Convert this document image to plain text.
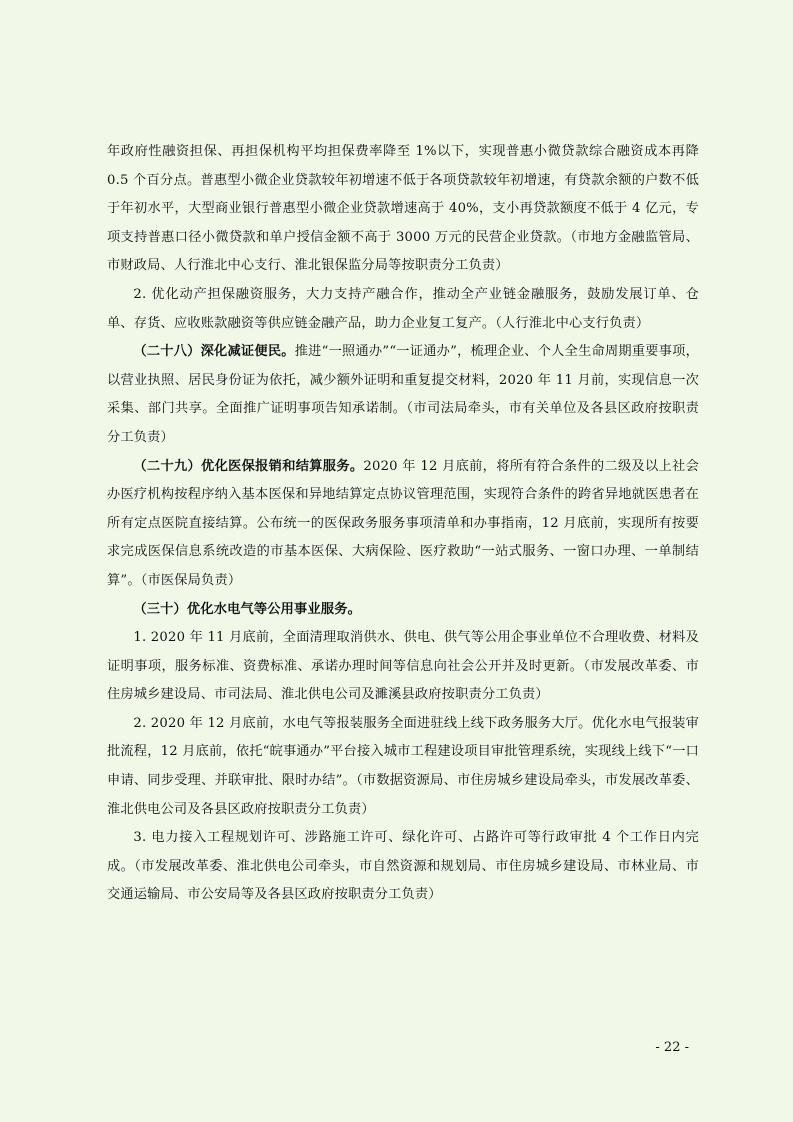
年政府性融资担保、再担保机构平均担保费率降至 1%以下，实现普惠小微贷款综合融资成本再降 0.5 个百分点。普惠型小微企业贷款较年初增速不低于各项贷款较年初增速，有贷款余额的户数不低于年初水平，大型商业银行普惠型小微企业贷款增速高于 40%，支小再贷款额度不低于 4 亿元，专项支持普惠口径小微贷款和单户授信金额不高于 3000 万元的民营企业贷款。（市地方金融监管局、市财政局、人行淮北中心支行、淮北银保监分局等按职责分工负责）

2. 优化动产担保融资服务，大力支持产融合作，推动全产业链金融服务，鼓励发展订单、仓单、存货、应收账款融资等供应链金融产品，助力企业复工复产。（人行淮北中心支行负责）

（二十八）深化减证便民。推进“一照通办”“一证通办”，梳理企业、个人全生命周期重要事项，以营业执照、居民身份证为依托，减少额外证明和重复提交材料，2020 年 11 月前，实现信息一次采集、部门共享。全面推广证明事项告知承诺制。（市司法局牵头，市有关单位及各县区政府按职责分工负责）

（二十九）优化医保报销和结算服务。2020 年 12 月底前，将所有符合条件的二级及以上社会办医疗机构按程序纳入基本医保和异地结算定点协议管理范围，实现符合条件的跨省异地就医患者在所有定点医院直接结算。公布统一的医保政务服务事项清单和办事指南，12 月底前，实现所有按要求完成医保信息系统改造的市基本医保、大病保险、医疗救助“一站式服务、一窗口办理、一单制结算”。（市医保局负责）

（三十）优化水电气等公用事业服务。

1. 2020 年 11 月底前，全面清理取消供水、供电、供气等公用企事业单位不合理收费、材料及证明事项，服务标准、资费标准、承诺办理时间等信息向社会公开并及时更新。（市发展改革委、市住房城乡建设局、市司法局、淮北供电公司及濉溪县政府按职责分工负责）

2. 2020 年 12 月底前，水电气等报装服务全面进驻线上线下政务服务大厅。优化水电气报装审批流程，12 月底前，依托“皖事通办”平台接入城市工程建设项目审批管理系统，实现线上线下“一口申请、同步受理、并联审批、限时办结”。（市数据资源局、市住房城乡建设局牵头，市发展改革委、淮北供电公司及各县区政府按职责分工负责）

3. 电力接入工程规划许可、涉路施工许可、绿化许可、占路许可等行政审批 4 个工作日内完成。（市发展改革委、淮北供电公司牵头，市自然资源和规划局、市住房城乡建设局、市林业局、市交通运输局、市公安局等及各县区政府按职责分工负责）

- 22 -
